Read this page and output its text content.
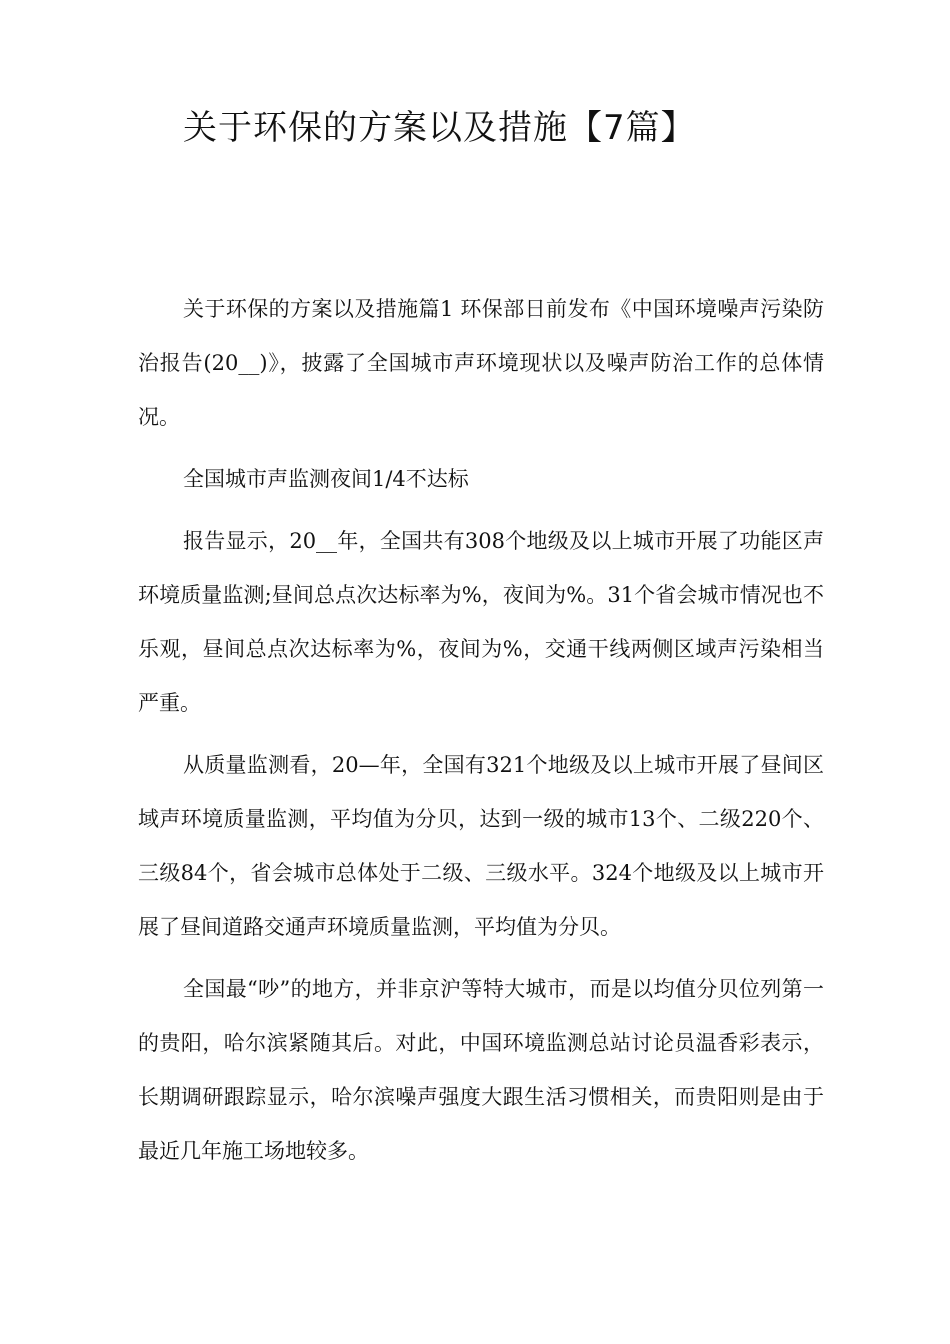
关于环保的方案以及措施【7篇】

关于环保的方案以及措施篇1 环保部日前发布《中国环境噪声污染防治报告(20__)》，披露了全国城市声环境现状以及噪声防治工作的总体情况。

全国城市声监测夜间1/4不达标

报告显示，20__年，全国共有308个地级及以上城市开展了功能区声环境质量监测;昼间总点次达标率为%，夜间为%。31个省会城市情况也不乐观，昼间总点次达标率为%，夜间为%，交通干线两侧区域声污染相当严重。

从质量监测看，20—年，全国有321个地级及以上城市开展了昼间区域声环境质量监测，平均值为分贝，达到一级的城市13个、二级220个、三级84个，省会城市总体处于二级、三级水平。324个地级及以上城市开展了昼间道路交通声环境质量监测，平均值为分贝。

全国最“吵”的地方，并非京沪等特大城市，而是以均值分贝位列第一的贵阳，哈尔滨紧随其后。对此，中国环境监测总站讨论员温香彩表示，长期调研跟踪显示，哈尔滨噪声强度大跟生活习惯相关，而贵阳则是由于最近几年施工场地较多。
